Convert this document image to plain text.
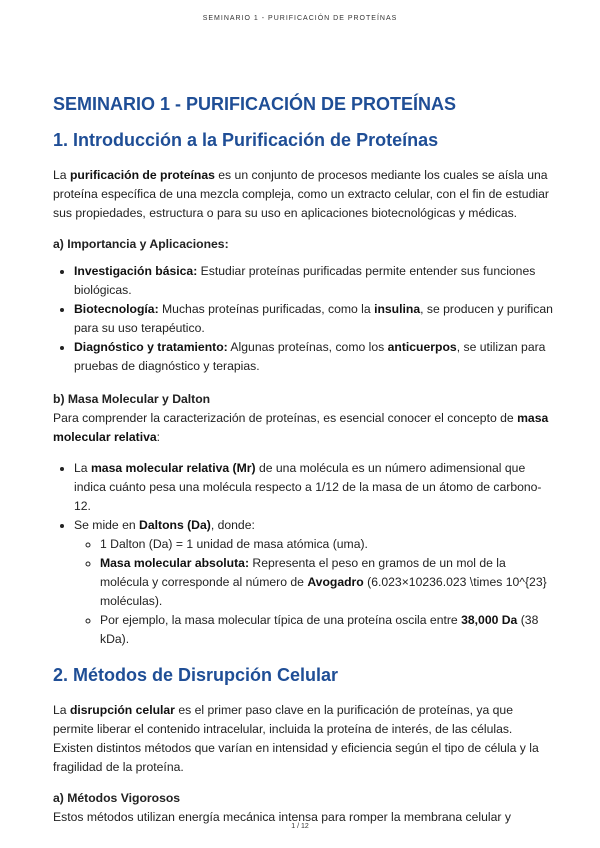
SEMINARIO 1 - PURIFICACIÓN DE PROTEÍNAS
SEMINARIO 1 - PURIFICACIÓN DE PROTEÍNAS
1. Introducción a la Purificación de Proteínas

La purificación de proteínas es un conjunto de procesos mediante los cuales se aísla una proteína específica de una mezcla compleja, como un extracto celular, con el fin de estudiar sus propiedades, estructura o para su uso en aplicaciones biotecnológicas y médicas.

a) Importancia y Aplicaciones:

• Investigación básica: Estudiar proteínas purificadas permite entender sus funciones biológicas.
• Biotecnología: Muchas proteínas purificadas, como la insulina, se producen y purifican para su uso terapéutico.
• Diagnóstico y tratamiento: Algunas proteínas, como los anticuerpos, se utilizan para pruebas de diagnóstico y terapias.

b) Masa Molecular y Dalton

Para comprender la caracterización de proteínas, es esencial conocer el concepto de masa molecular relativa:

• La masa molecular relativa (Mr) de una molécula es un número adimensional que indica cuánto pesa una molécula respecto a 1/12 de la masa de un átomo de carbono-12.
• Se mide en Daltons (Da), donde:
◦ 1 Dalton (Da) = 1 unidad de masa atómica (uma).
◦ Masa molecular absoluta: Representa el peso en gramos de un mol de la molécula y corresponde al número de Avogadro (6.023×10236.023 \times 10^{23} moléculas).
◦ Por ejemplo, la masa molecular típica de una proteína oscila entre 38,000 Da (38 kDa).
2. Métodos de Disrupción Celular

La disrupción celular es el primer paso clave en la purificación de proteínas, ya que permite liberar el contenido intracelular, incluida la proteína de interés, de las células. Existen distintos métodos que varían en intensidad y eficiencia según el tipo de célula y la fragilidad de la proteína.

a) Métodos Vigorosos

Estos métodos utilizan energía mecánica intensa para romper la membrana celular y

1 / 12
